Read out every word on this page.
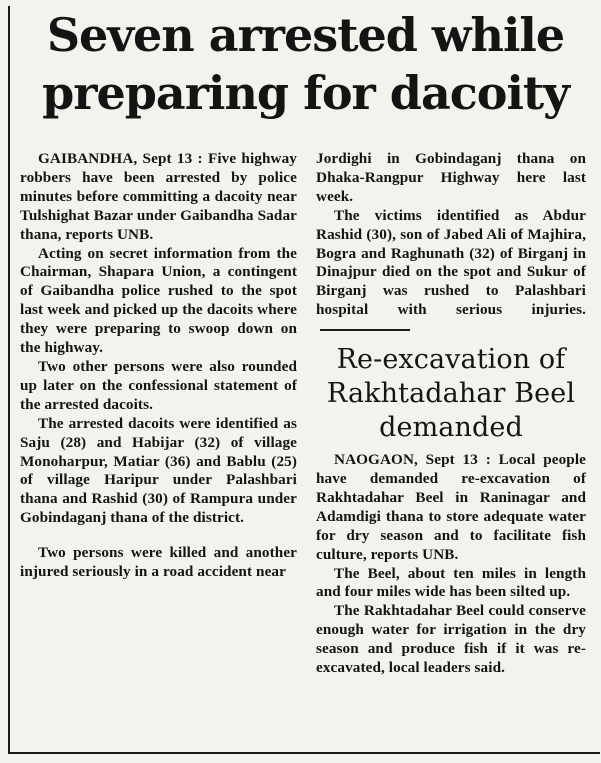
Seven arrested while
preparing for dacoity

GAIBANDHA, Sept 13 : Five highway robbers have been arrested by police minutes before committing a dacoity near Tulshighat Bazar under Gaibandha Sadar thana, reports UNB.

Acting on secret information from the Chairman, Shapara Union, a contingent of Gaibandha police rushed to the spot last week and picked up the dacoits where they were preparing to swoop down on the highway.

Two other persons were also rounded up later on the confessional statement of the arrested dacoits.

The arrested dacoits were identified as Saju (28) and Habijar (32) of village Monoharpur, Matiar (36) and Bablu (25) of village Haripur under Palashbari thana and Rashid (30) of Rampura under Gobindaganj thana of the district.

Two persons were killed and another injured seriously in a road accident near

Jordighi in Gobindaganj thana on Dhaka-Rangpur Highway here last week.

The victims identified as Abdur Rashid (30), son of Jabed Ali of Majhira, Bogra and Raghunath (32) of Birganj in Dinajpur died on the spot and Sukur of Birganj was rushed to Palashbari hospital with serious injuries.

Re-excavation of Rakhtadahar Beel demanded

NAOGAON, Sept 13 : Local people have demanded re-excavation of Rakhtadahar Beel in Raninagar and Adamdigi thana to store adequate water for dry season and to facilitate fish culture, reports UNB.

The Beel, about ten miles in length and four miles wide has been silted up.

The Rakhtadahar Beel could conserve enough water for irrigation in the dry season and produce fish if it was re-excavated, local leaders said.
